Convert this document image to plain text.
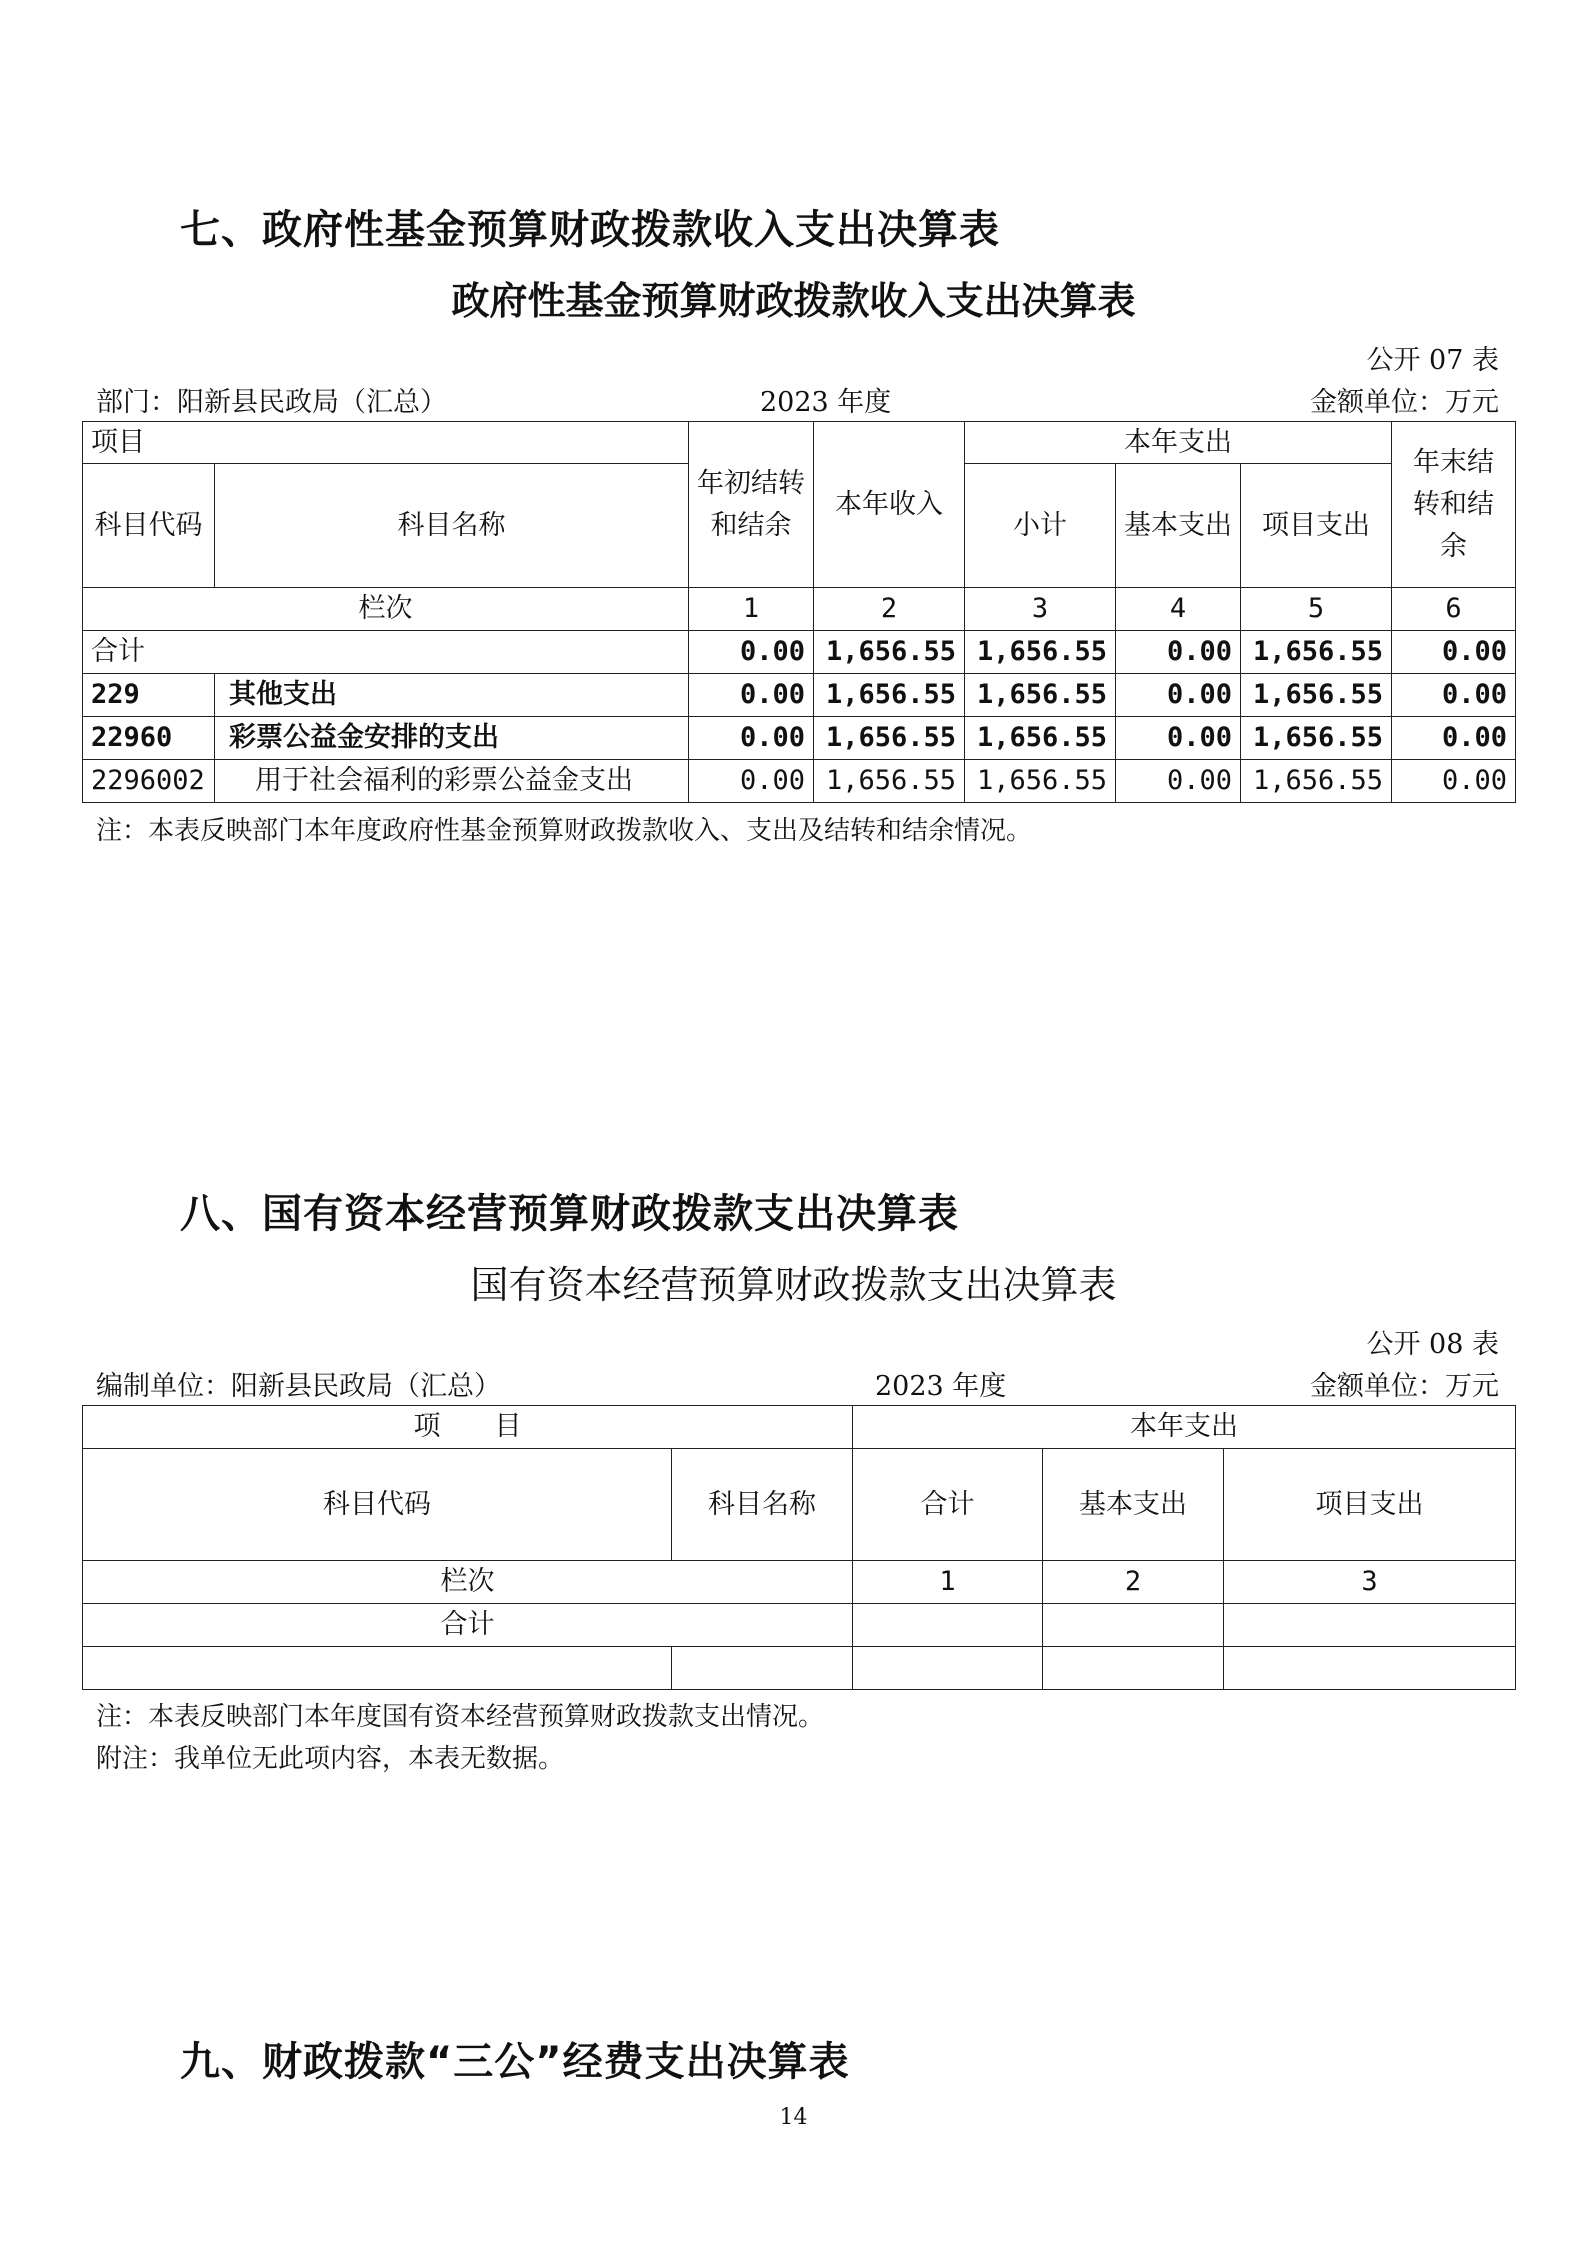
七、政府性基金预算财政拨款收入支出决算表
政府性基金预算财政拨款收入支出决算表
公开 07 表
部门：阳新县民政局（汇总）	2023 年度	金额单位：万元
项目		年初结转和结余	本年收入	本年支出			年末结转和结余
科目代码	科目名称			小计	基本支出	项目支出	
栏次		1	2	3	4	5	6
合计		0.00	1,656.55	1,656.55	0.00	1,656.55	0.00
229	其他支出	0.00	1,656.55	1,656.55	0.00	1,656.55	0.00
22960	彩票公益金安排的支出	0.00	1,656.55	1,656.55	0.00	1,656.55	0.00
2296002	用于社会福利的彩票公益金支出	0.00	1,656.55	1,656.55	0.00	1,656.55	0.00
注：本表反映部门本年度政府性基金预算财政拨款收入、支出及结转和结余情况。
八、国有资本经营预算财政拨款支出决算表
国有资本经营预算财政拨款支出决算表
公开 08 表
编制单位：阳新县民政局（汇总）	2023 年度	金额单位：万元
项　　目		本年支出		
科目代码	科目名称	合计	基本支出	项目支出
栏次		1	2	3
合计				

注：本表反映部门本年度国有资本经营预算财政拨款支出情况。
附注：我单位无此项内容，本表无数据。
九、财政拨款“三公”经费支出决算表
14
